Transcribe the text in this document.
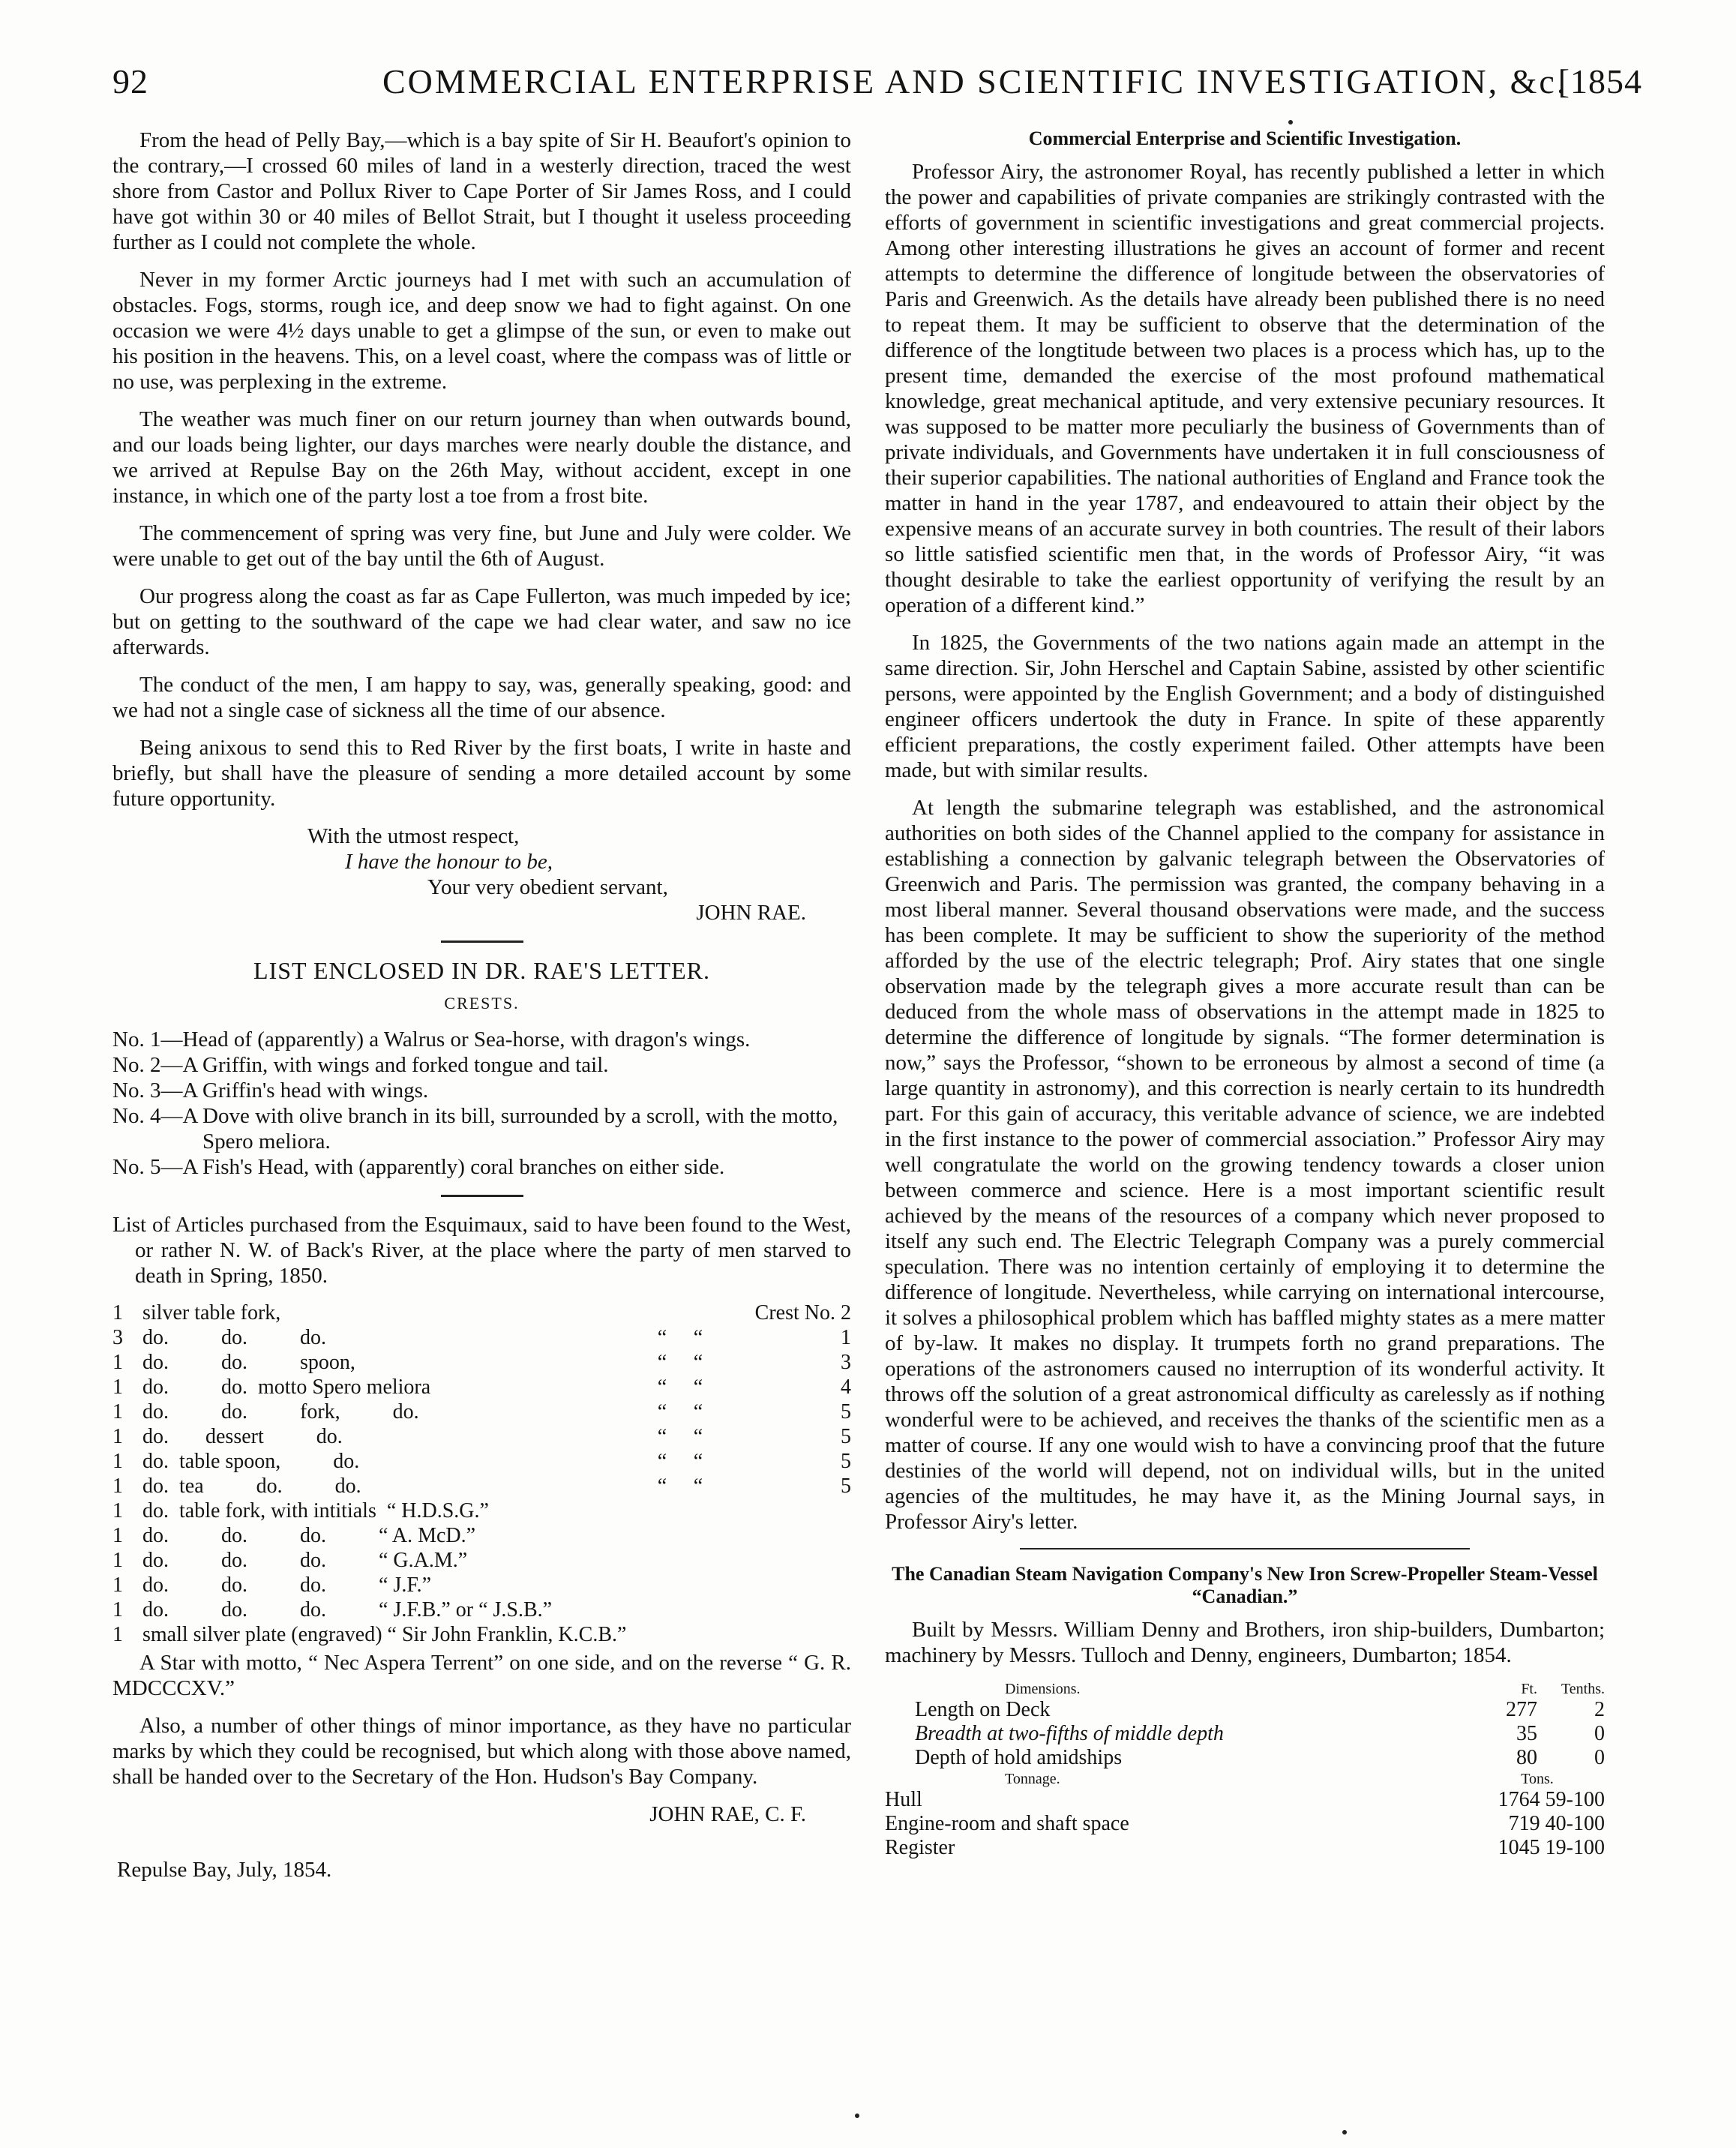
92	COMMERCIAL ENTERPRISE AND SCIENTIFIC INVESTIGATION, &c.
[1854

From the head of Pelly Bay,—which is a bay spite of Sir H. Beaufort's opinion to the contrary,—I crossed 60 miles of land in a westerly direction, traced the west shore from Castor and Pollux River to Cape Porter of Sir James Ross, and I could have got within 30 or 40 miles of Bellot Strait, but I thought it useless proceeding further as I could not complete the whole.

Never in my former Arctic journeys had I met with such an accumulation of obstacles. Fogs, storms, rough ice, and deep snow we had to fight against. On one occasion we were 4½ days unable to get a glimpse of the sun, or even to make out his position in the heavens. This, on a level coast, where the compass was of little or no use, was perplexing in the extreme.

The weather was much finer on our return journey than when outwards bound, and our loads being lighter, our days marches were nearly double the distance, and we arrived at Repulse Bay on the 26th May, without accident, except in one instance, in which one of the party lost a toe from a frost bite.

The commencement of spring was very fine, but June and July were colder. We were unable to get out of the bay until the 6th of August.

Our progress along the coast as far as Cape Fullerton, was much impeded by ice; but on getting to the southward of the cape we had clear water, and saw no ice afterwards.

The conduct of the men, I am happy to say, was, generally speaking, good: and we had not a single case of sickness all the time of our absence.

Being anixous to send this to Red River by the first boats, I write in haste and briefly, but shall have the pleasure of sending a more detailed account by some future opportunity.

With the utmost respect,

I have the honour to be,

Your very obedient servant,

JOHN RAE.

LIST ENCLOSED IN DR. RAE'S LETTER.
CRESTS.
No. 1—Head of (apparently) a Walrus or Sea-horse, with dragon's wings.
No. 2—A Griffin, with wings and forked tongue and tail.
No. 3—A Griffin's head with wings.
No. 4—A Dove with olive branch in its bill, surrounded by a scroll, with the motto, Spero meliora.
No. 5—A Fish's Head, with (apparently) coral branches on either side.

List of Articles purchased from the Esquimaux, said to have been found to the West, or rather N. W. of Back's River, at the place where the party of men starved to death in Spring, 1850.

1	silver table fork,			Crest No. 2
3	do.          do.          do.	“	“	1
1	do.          do.          spoon,	“	“	3
1	do.          do.  motto Spero meliora	“	“	4
1	do.          do.          fork,          do.	“	“	5
1	do.       dessert          do.	“	“	5
1	do.  table spoon,          do.	“	“	5
1	do.  tea          do.          do.	“	“	5
1	do.  table fork, with intitials  “ H.D.S.G.”			
1	do.          do.          do.          “ A. McD.”			
1	do.          do.          do.          “ G.A.M.”			
1	do.          do.          do.          “ J.F.”			
1	do.          do.          do.          “ J.F.B.” or “ J.S.B.”			
1	small silver plate (engraved) “ Sir John Franklin, K.C.B.”			

A Star with motto, “ Nec Aspera Terrent” on one side, and on the reverse “ G. R. MDCCCXV.”

Also, a number of other things of minor importance, as they have no particular marks by which they could be recognised, but which along with those above named, shall be handed over to the Secretary of the Hon. Hudson's Bay Company.

JOHN RAE, C. F.

Repulse Bay, July, 1854.

Commercial Enterprise and Scientific Investigation.

Professor Airy, the astronomer Royal, has recently published a letter in which the power and capabilities of private companies are strikingly contrasted with the efforts of government in scientific investigations and great commercial projects. Among other interesting illustrations he gives an account of former and recent attempts to determine the difference of longitude between the observatories of Paris and Greenwich. As the details have already been published there is no need to repeat them. It may be sufficient to observe that the determination of the difference of the longtitude between two places is a process which has, up to the present time, demanded the exercise of the most profound mathematical knowledge, great mechanical aptitude, and very extensive pecuniary resources. It was supposed to be matter more peculiarly the business of Governments than of private individuals, and Governments have undertaken it in full consciousness of their superior capabilities. The national authorities of England and France took the matter in hand in the year 1787, and endeavoured to attain their object by the expensive means of an accurate survey in both countries. The result of their labors so little satisfied scientific men that, in the words of Professor Airy, “it was thought desirable to take the earliest opportunity of verifying the result by an operation of a different kind.”

In 1825, the Governments of the two nations again made an attempt in the same direction. Sir, John Herschel and Captain Sabine, assisted by other scientific persons, were appointed by the English Government; and a body of distinguished engineer officers undertook the duty in France. In spite of these apparently efficient preparations, the costly experiment failed. Other attempts have been made, but with similar results.

At length the submarine telegraph was established, and the astronomical authorities on both sides of the Channel applied to the company for assistance in establishing a connection by galvanic telegraph between the Observatories of Greenwich and Paris. The permission was granted, the company behaving in a most liberal manner. Several thousand observations were made, and the success has been complete. It may be sufficient to show the superiority of the method afforded by the use of the electric telegraph; Prof. Airy states that one single observation made by the telegraph gives a more accurate result than can be deduced from the whole mass of observations in the attempt made in 1825 to determine the difference of longitude by signals. “The former determination is now,” says the Professor, “shown to be erroneous by almost a second of time (a large quantity in astronomy), and this correction is nearly certain to its hundredth part. For this gain of accuracy, this veritable advance of science, we are indebted in the first instance to the power of commercial association.” Professor Airy may well congratulate the world on the growing tendency towards a closer union between commerce and science. Here is a most important scientific result achieved by the means of the resources of a company which never proposed to itself any such end. The Electric Telegraph Company was a purely commercial speculation. There was no intention certainly of employing it to determine the difference of longitude. Nevertheless, while carrying on international intercourse, it solves a philosophical problem which has baffled mighty states as a mere matter of by-law. It makes no display. It trumpets forth no grand preparations. The operations of the astronomers caused no interruption of its wonderful activity. It throws off the solution of a great astronomical difficulty as carelessly as if nothing wonderful were to be achieved, and receives the thanks of the scientific men as a matter of course. If any one would wish to have a convincing proof that the future destinies of the world will depend, not on individual wills, but in the united agencies of the multitudes, he may have it, as the Mining Journal says, in Professor Airy's letter.

The Canadian Steam Navigation Company's New Iron Screw-Propeller Steam-Vessel “Canadian.”

Built by Messrs. William Denny and Brothers, iron ship-builders, Dumbarton; machinery by Messrs. Tulloch and Denny, engineers, Dumbarton; 1854.

Dimensions.	Ft.	Tenths.
Length on Deck	277	2
Breadth at two-fifths of middle depth	35	0
Depth of hold amidships	80	0
Tonnage.	Tons.	
Hull	1764 59-100	
Engine-room and shaft space	719 40-100	
Register	1045 19-100	
